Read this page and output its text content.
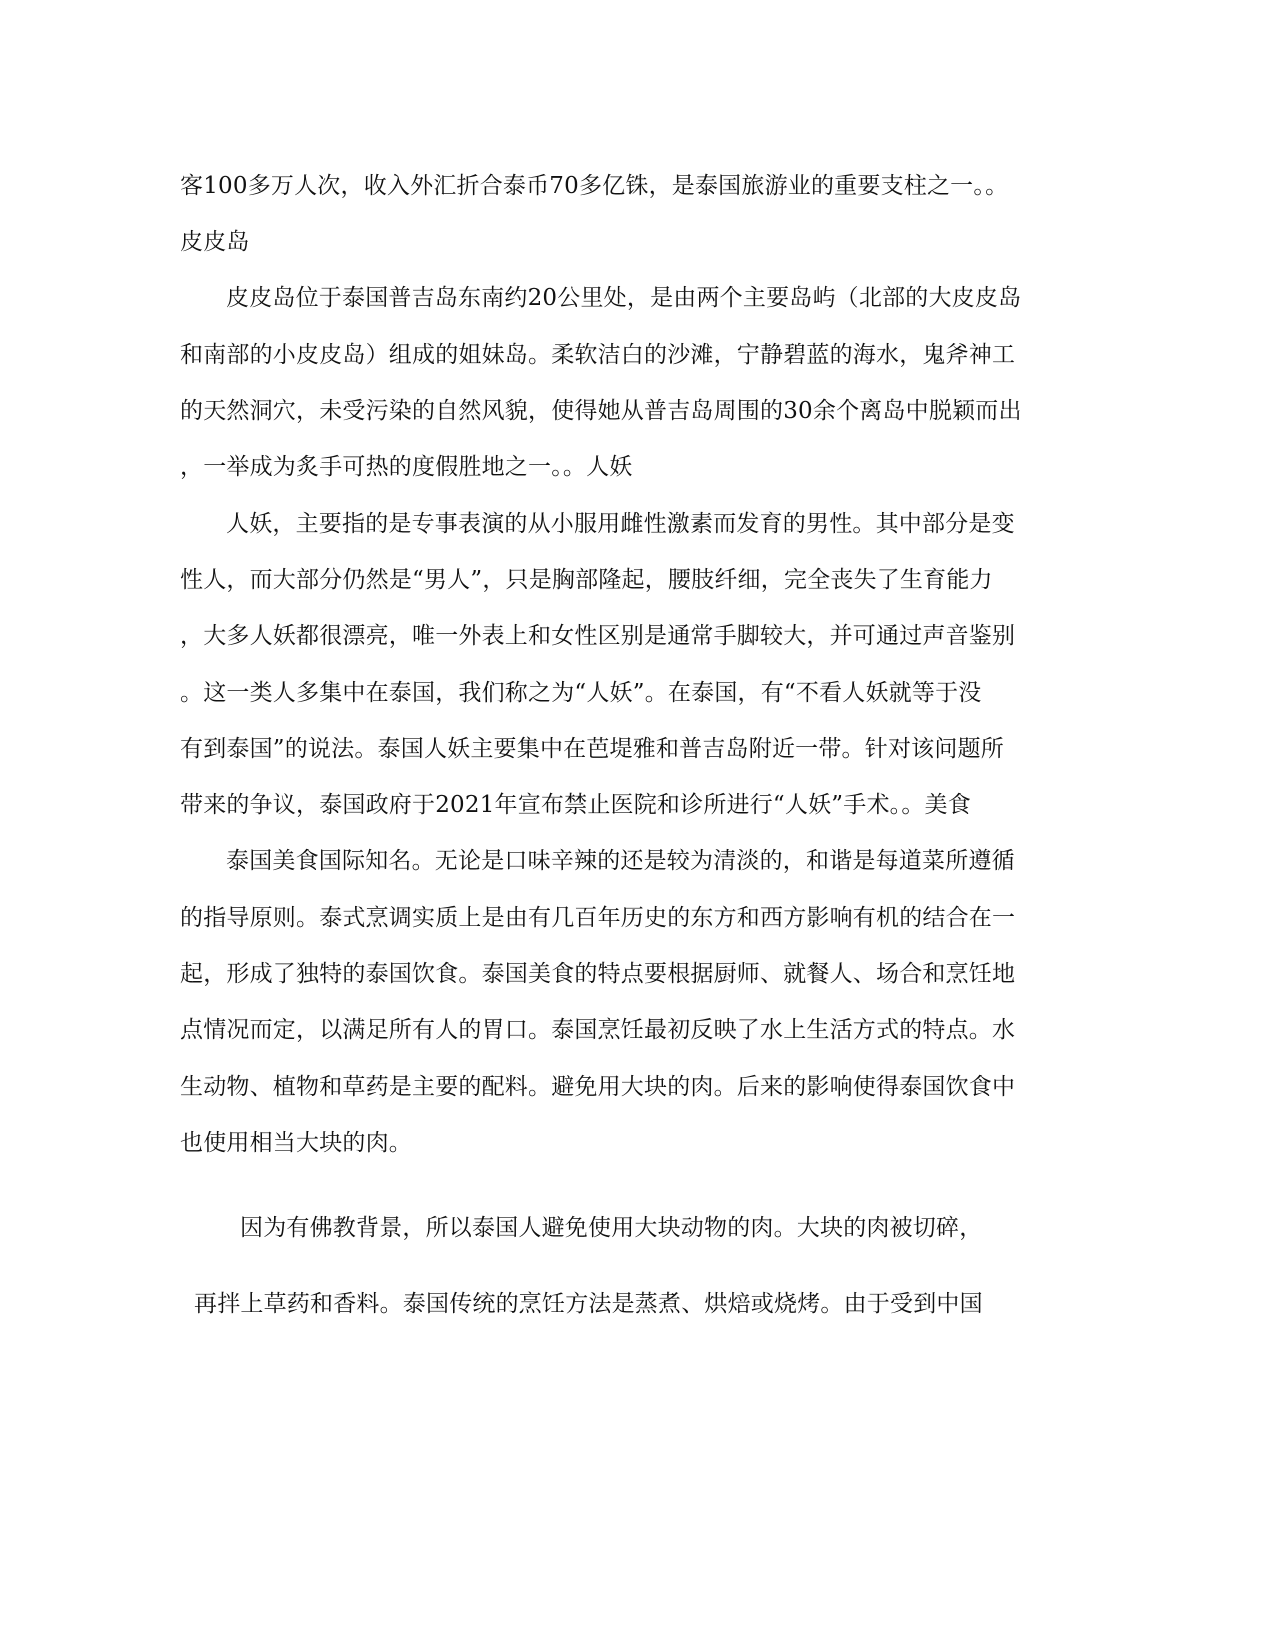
客100多万人次，收入外汇折合泰币70多亿铢，是泰国旅游业的重要支柱之一。。
皮皮岛
皮皮岛位于泰国普吉岛东南约20公里处，是由两个主要岛屿（北部的大皮皮岛
和南部的小皮皮岛）组成的姐妹岛。柔软洁白的沙滩，宁静碧蓝的海水，鬼斧神工
的天然洞穴，未受污染的自然风貌，使得她从普吉岛周围的30余个离岛中脱颖而出
，一举成为炙手可热的度假胜地之一。。人妖
人妖，主要指的是专事表演的从小服用雌性激素而发育的男性。其中部分是变
性人，而大部分仍然是“男人”，只是胸部隆起，腰肢纤细，完全丧失了生育能力
，大多人妖都很漂亮，唯一外表上和女性区别是通常手脚较大，并可通过声音鉴别
。这一类人多集中在泰国，我们称之为“人妖”。在泰国，有“不看人妖就等于没
有到泰国”的说法。泰国人妖主要集中在芭堤雅和普吉岛附近一带。针对该问题所
带来的争议，泰国政府于2021年宣布禁止医院和诊所进行“人妖”手术。。美食
泰国美食国际知名。无论是口味辛辣的还是较为清淡的，和谐是每道菜所遵循
的指导原则。泰式烹调实质上是由有几百年历史的东方和西方影响有机的结合在一
起，形成了独特的泰国饮食。泰国美食的特点要根据厨师、就餐人、场合和烹饪地
点情况而定，以满足所有人的胃口。泰国烹饪最初反映了水上生活方式的特点。水
生动物、植物和草药是主要的配料。避免用大块的肉。后来的影响使得泰国饮食中
也使用相当大块的肉。
因为有佛教背景，所以泰国人避免使用大块动物的肉。大块的肉被切碎，
再拌上草药和香料。泰国传统的烹饪方法是蒸煮、烘焙或烧烤。由于受到中国
